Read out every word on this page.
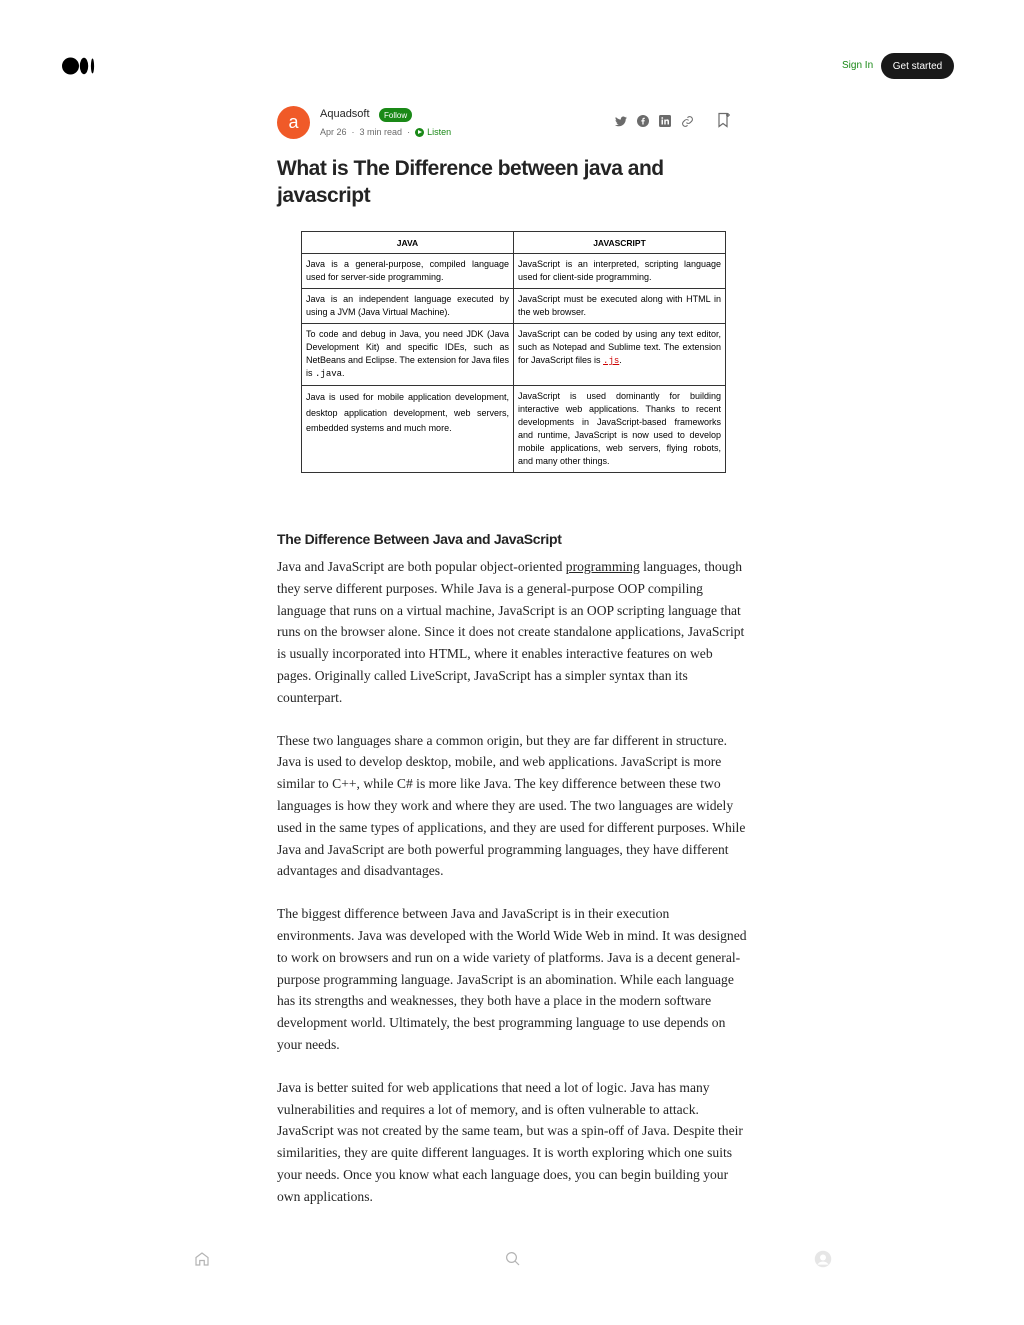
Sign In	Get started
a	Aquadsoft	Follow
Apr 26 · 3 min read · Listen
What is The Difference between java and javascript
JAVA	JAVASCRIPT
Java is a general-purpose, compiled language used for server-side programming.	JavaScript is an interpreted, scripting language used for client-side programming.
Java is an independent language executed by using a JVM (Java Virtual Machine).	JavaScript must be executed along with HTML in the web browser.
To code and debug in Java, you need JDK (Java Development Kit) and specific IDEs, such as NetBeans and Eclipse. The extension for Java files is .java.	JavaScript can be coded by using any text editor, such as Notepad and Sublime text. The extension for JavaScript files is .js.
Java is used for mobile application development, desktop application development, web servers, embedded systems and much more.	JavaScript is used dominantly for building interactive web applications. Thanks to recent developments in JavaScript-based frameworks and runtime, JavaScript is now used to develop mobile applications, web servers, flying robots, and many other things.
The Difference Between Java and JavaScript

Java and JavaScript are both popular object-oriented programming languages, though they serve different purposes. While Java is a general-purpose OOP compiling language that runs on a virtual machine, JavaScript is an OOP scripting language that runs on the browser alone. Since it does not create standalone applications, JavaScript is usually incorporated into HTML, where it enables interactive features on web pages. Originally called LiveScript, JavaScript has a simpler syntax than its counterpart.

These two languages share a common origin, but they are far different in structure. Java is used to develop desktop, mobile, and web applications. JavaScript is more similar to C++, while C# is more like Java. The key difference between these two languages is how they work and where they are used. The two languages are widely used in the same types of applications, and they are used for different purposes. While Java and JavaScript are both powerful programming languages, they have different advantages and disadvantages.

The biggest difference between Java and JavaScript is in their execution environments. Java was developed with the World Wide Web in mind. It was designed to work on browsers and run on a wide variety of platforms. Java is a decent general-purpose programming language. JavaScript is an abomination. While each language has its strengths and weaknesses, they both have a place in the modern software development world. Ultimately, the best programming language to use depends on your needs.

Java is better suited for web applications that need a lot of logic. Java has many vulnerabilities and requires a lot of memory, and is often vulnerable to attack. JavaScript was not created by the same team, but was a spin-off of Java. Despite their similarities, they are quite different languages. It is worth exploring which one suits your needs. Once you know what each language does, you can begin building your own applications.
